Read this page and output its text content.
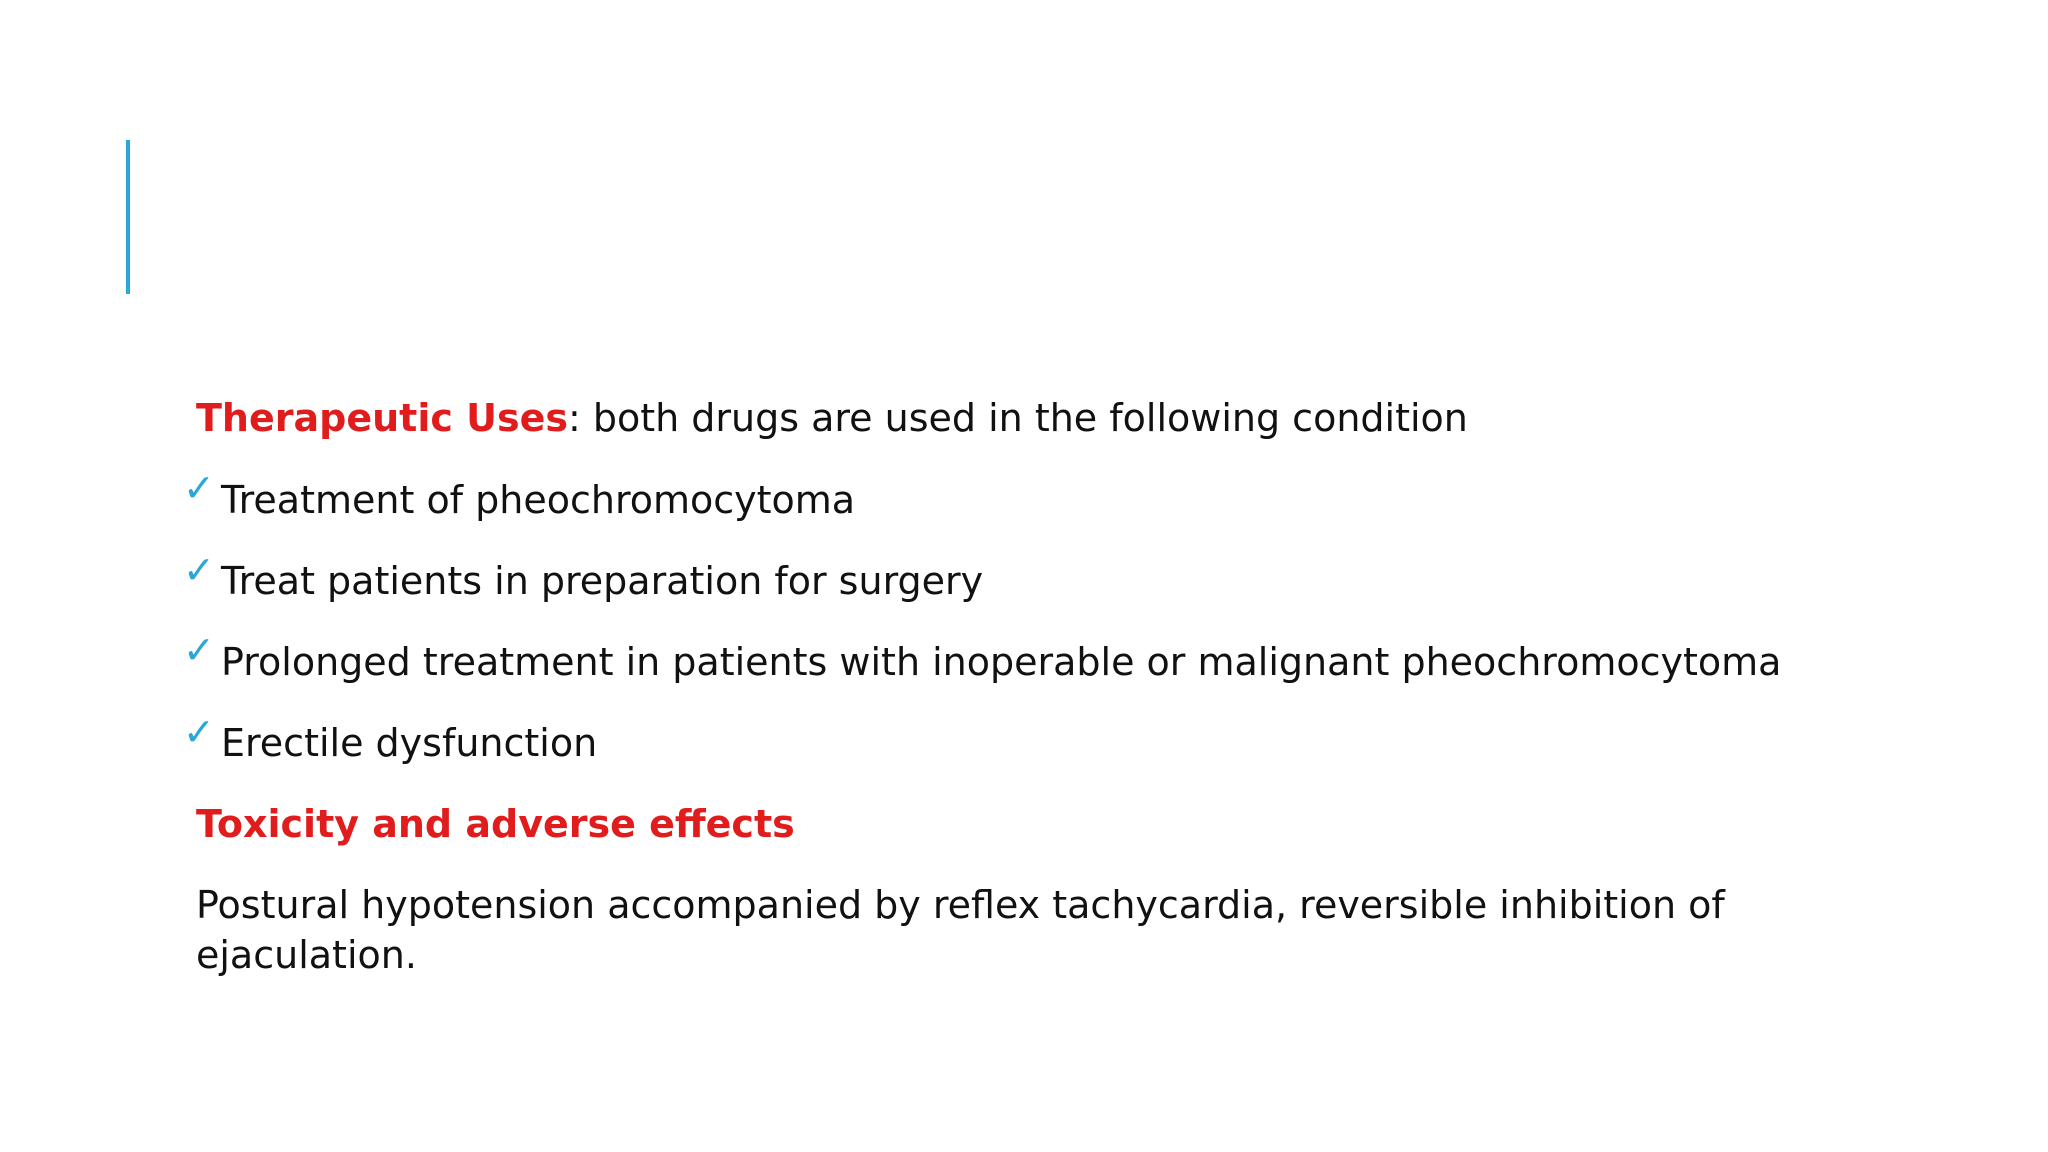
Therapeutic Uses: both drugs are used in the following condition
✓ Treatment of pheochromocytoma
✓ Treat patients in preparation for surgery
✓ Prolonged treatment in patients with inoperable or malignant pheochromocytoma
✓ Erectile dysfunction
Toxicity and adverse effects
Postural hypotension accompanied by reflex tachycardia, reversible inhibition of ejaculation.
